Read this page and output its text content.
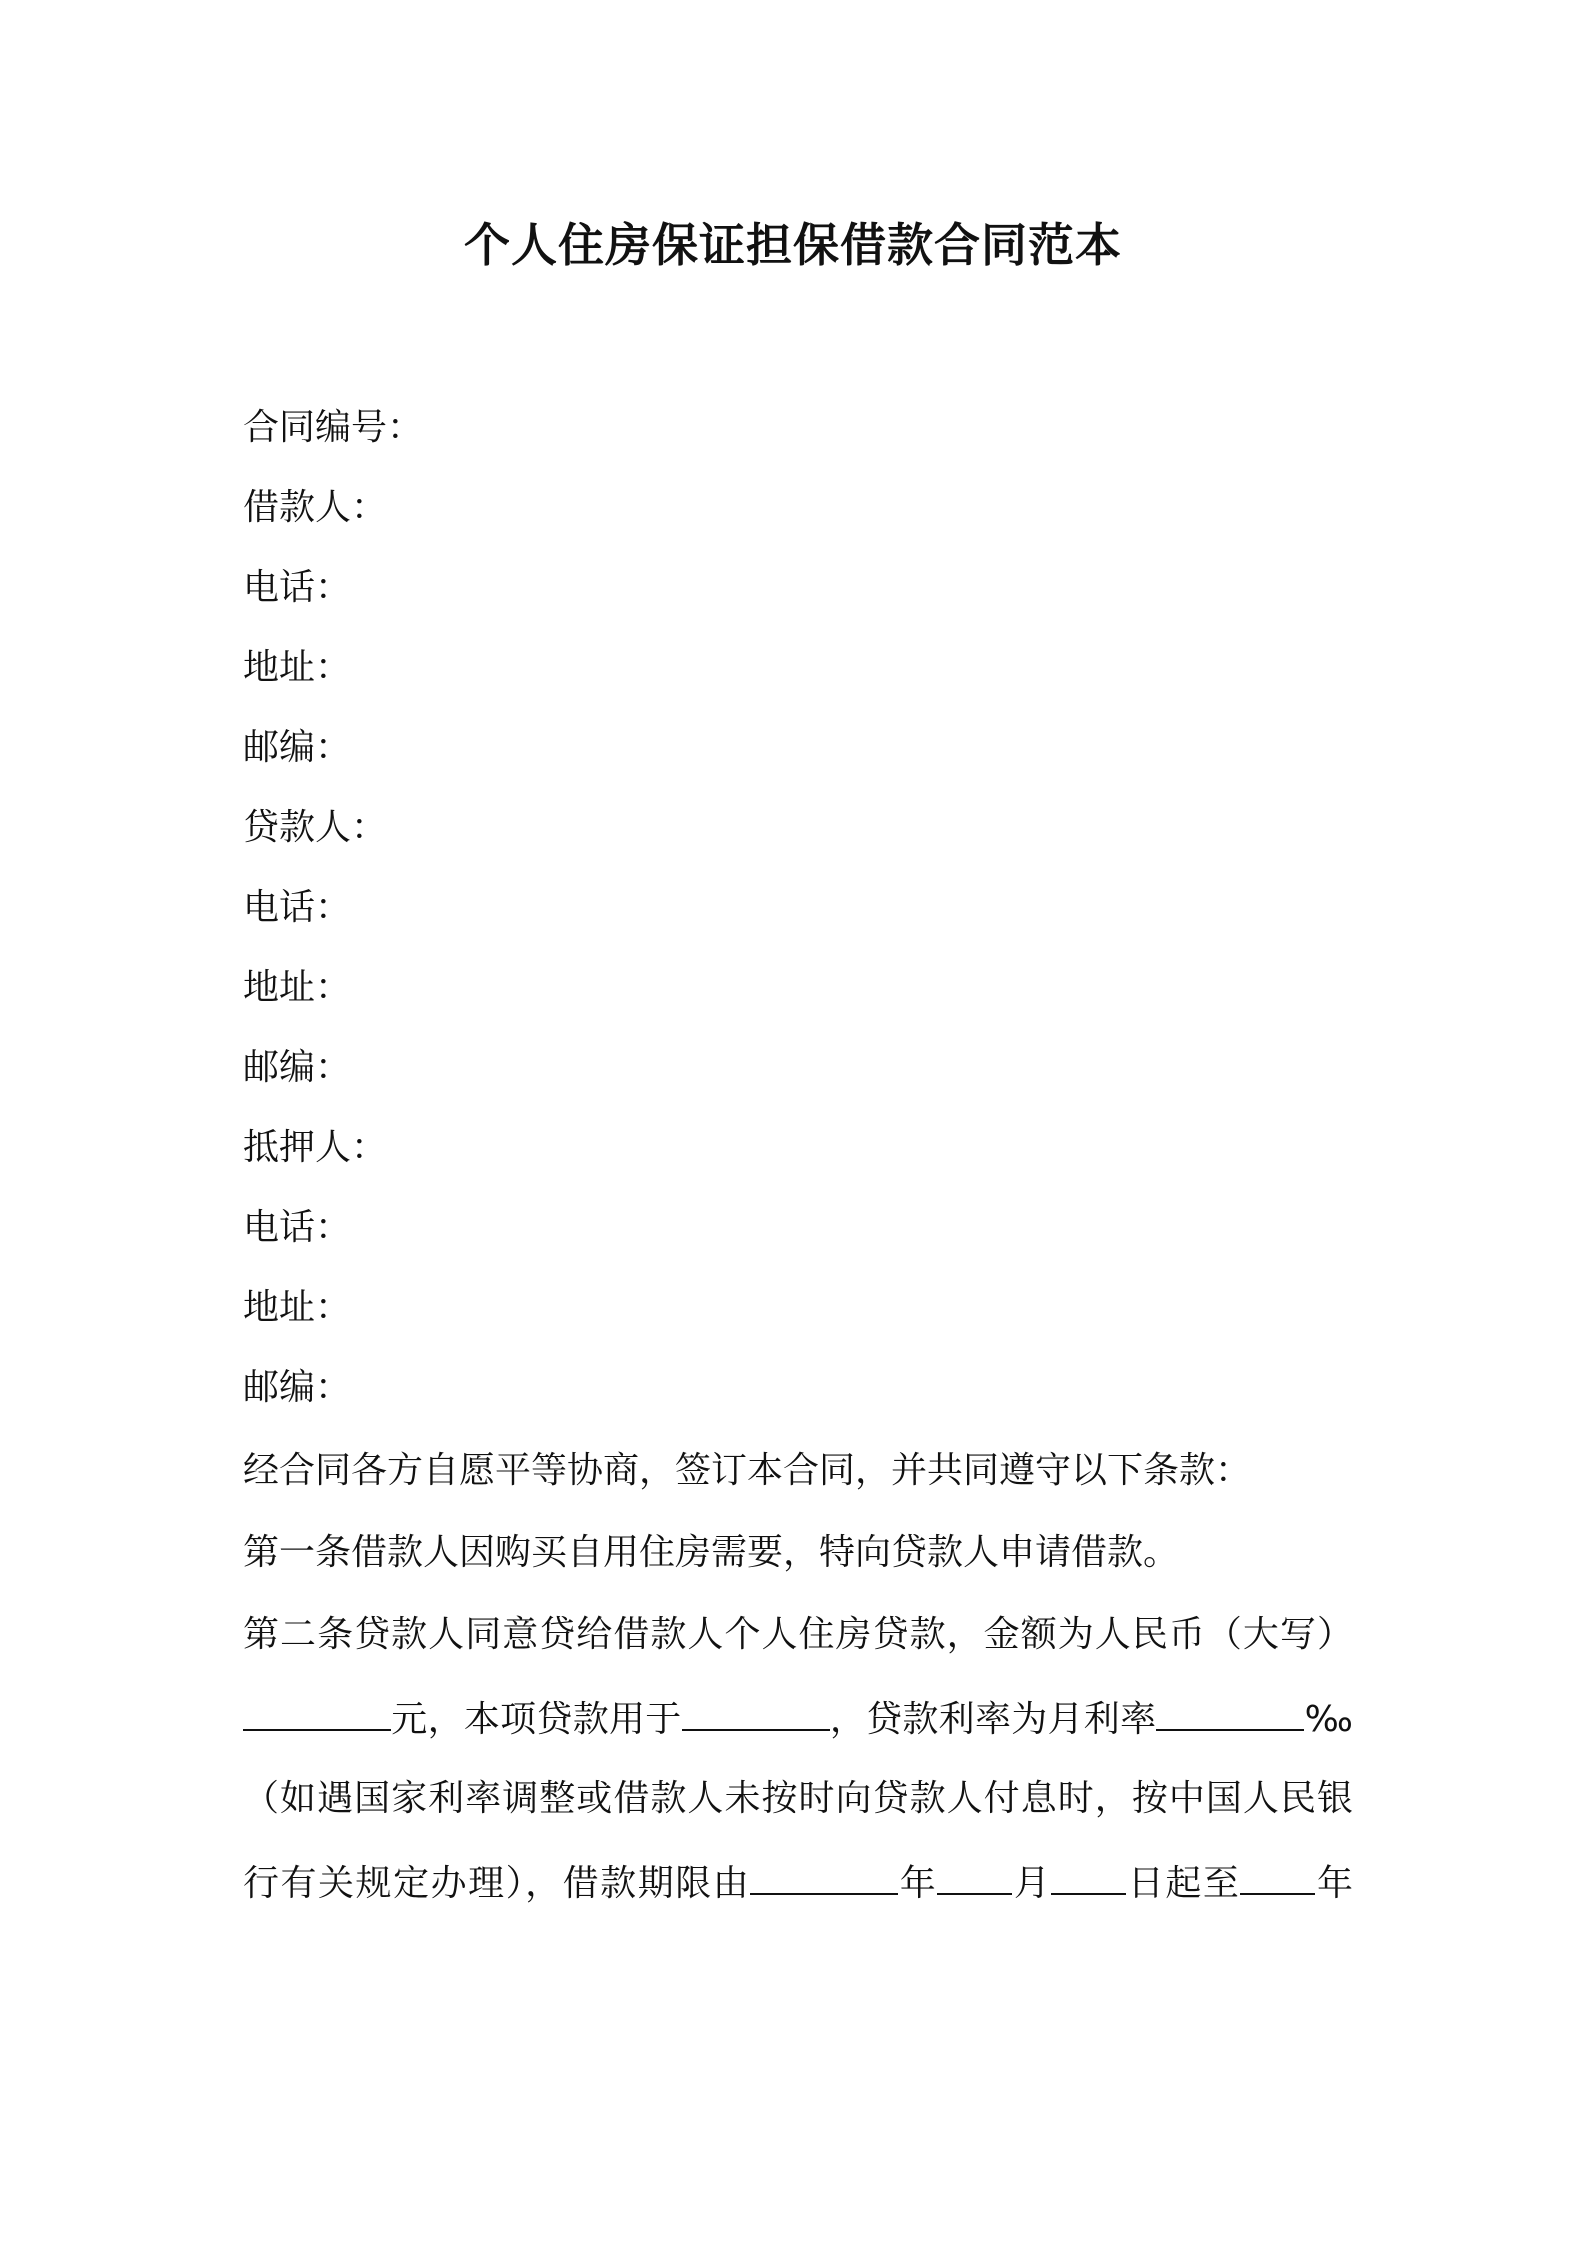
个人住房保证担保借款合同范本
合同编号：
借款人：
电话：
地址：
邮编：
贷款人：
电话：
地址：
邮编：
抵押人：
电话：
地址：
邮编：
经合同各方自愿平等协商，签订本合同，并共同遵守以下条款：
第一条借款人因购买自用住房需要，特向贷款人申请借款。
第二条贷款人同意贷给借款人个人住房贷款，金额为人民币（大写）
元，本项贷款用于	，贷款利率为月利率	‰
（如遇国家利率调整或借款人未按时向贷款人付息时，按中国人民银
行有关规定办理），借款期限由	年 月 日起至 年
